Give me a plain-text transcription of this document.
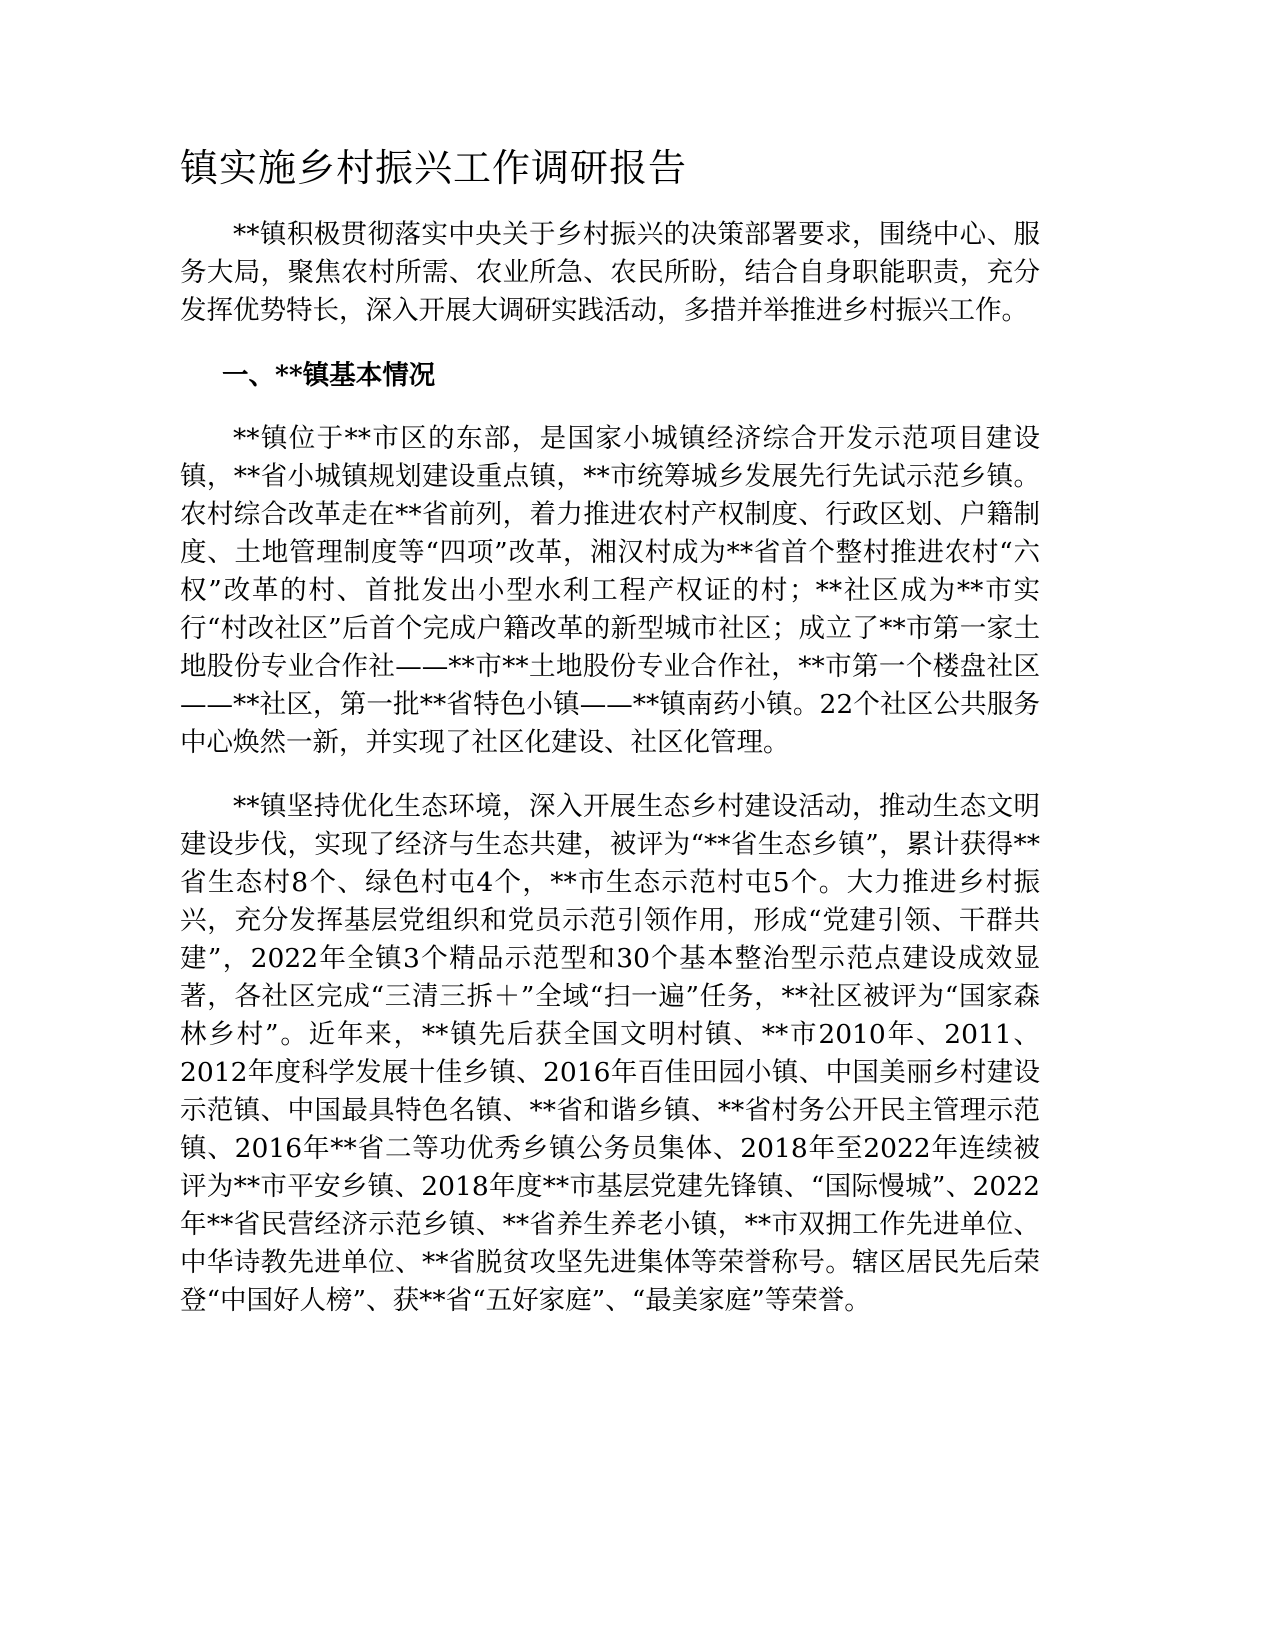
镇实施乡村振兴工作调研报告

**镇积极贯彻落实中央关于乡村振兴的决策部署要求，围绕中心、服务大局，聚焦农村所需、农业所急、农民所盼，结合自身职能职责，充分发挥优势特长，深入开展大调研实践活动，多措并举推进乡村振兴工作。

一、**镇基本情况

**镇位于**市区的东部，是国家小城镇经济综合开发示范项目建设镇，**省小城镇规划建设重点镇，**市统筹城乡发展先行先试示范乡镇。农村综合改革走在**省前列，着力推进农村产权制度、行政区划、户籍制度、土地管理制度等“四项”改革，湘汉村成为**省首个整村推进农村“六权”改革的村、首批发出小型水利工程产权证的村；**社区成为**市实行“村改社区”后首个完成户籍改革的新型城市社区；成立了**市第一家土地股份专业合作社——**市**土地股份专业合作社，**市第一个楼盘社区——**社区，第一批**省特色小镇——**镇南药小镇。22个社区公共服务中心焕然一新，并实现了社区化建设、社区化管理。

**镇坚持优化生态环境，深入开展生态乡村建设活动，推动生态文明建设步伐，实现了经济与生态共建，被评为“**省生态乡镇”，累计获得**省生态村8个、绿色村屯4个，**市生态示范村屯5个。大力推进乡村振兴，充分发挥基层党组织和党员示范引领作用，形成“党建引领、干群共建”，2022年全镇3个精品示范型和30个基本整治型示范点建设成效显著，各社区完成“三清三拆＋”全域“扫一遍”任务，**社区被评为“国家森林乡村”。近年来，**镇先后获全国文明村镇、**市2010年、2011、2012年度科学发展十佳乡镇、2016年百佳田园小镇、中国美丽乡村建设示范镇、中国最具特色名镇、**省和谐乡镇、**省村务公开民主管理示范镇、2016年**省二等功优秀乡镇公务员集体、2018年至2022年连续被评为**市平安乡镇、2018年度**市基层党建先锋镇、“国际慢城”、2022年**省民营经济示范乡镇、**省养生养老小镇，**市双拥工作先进单位、中华诗教先进单位、**省脱贫攻坚先进集体等荣誉称号。辖区居民先后荣登“中国好人榜”、获**省“五好家庭”、“最美家庭”等荣誉。
